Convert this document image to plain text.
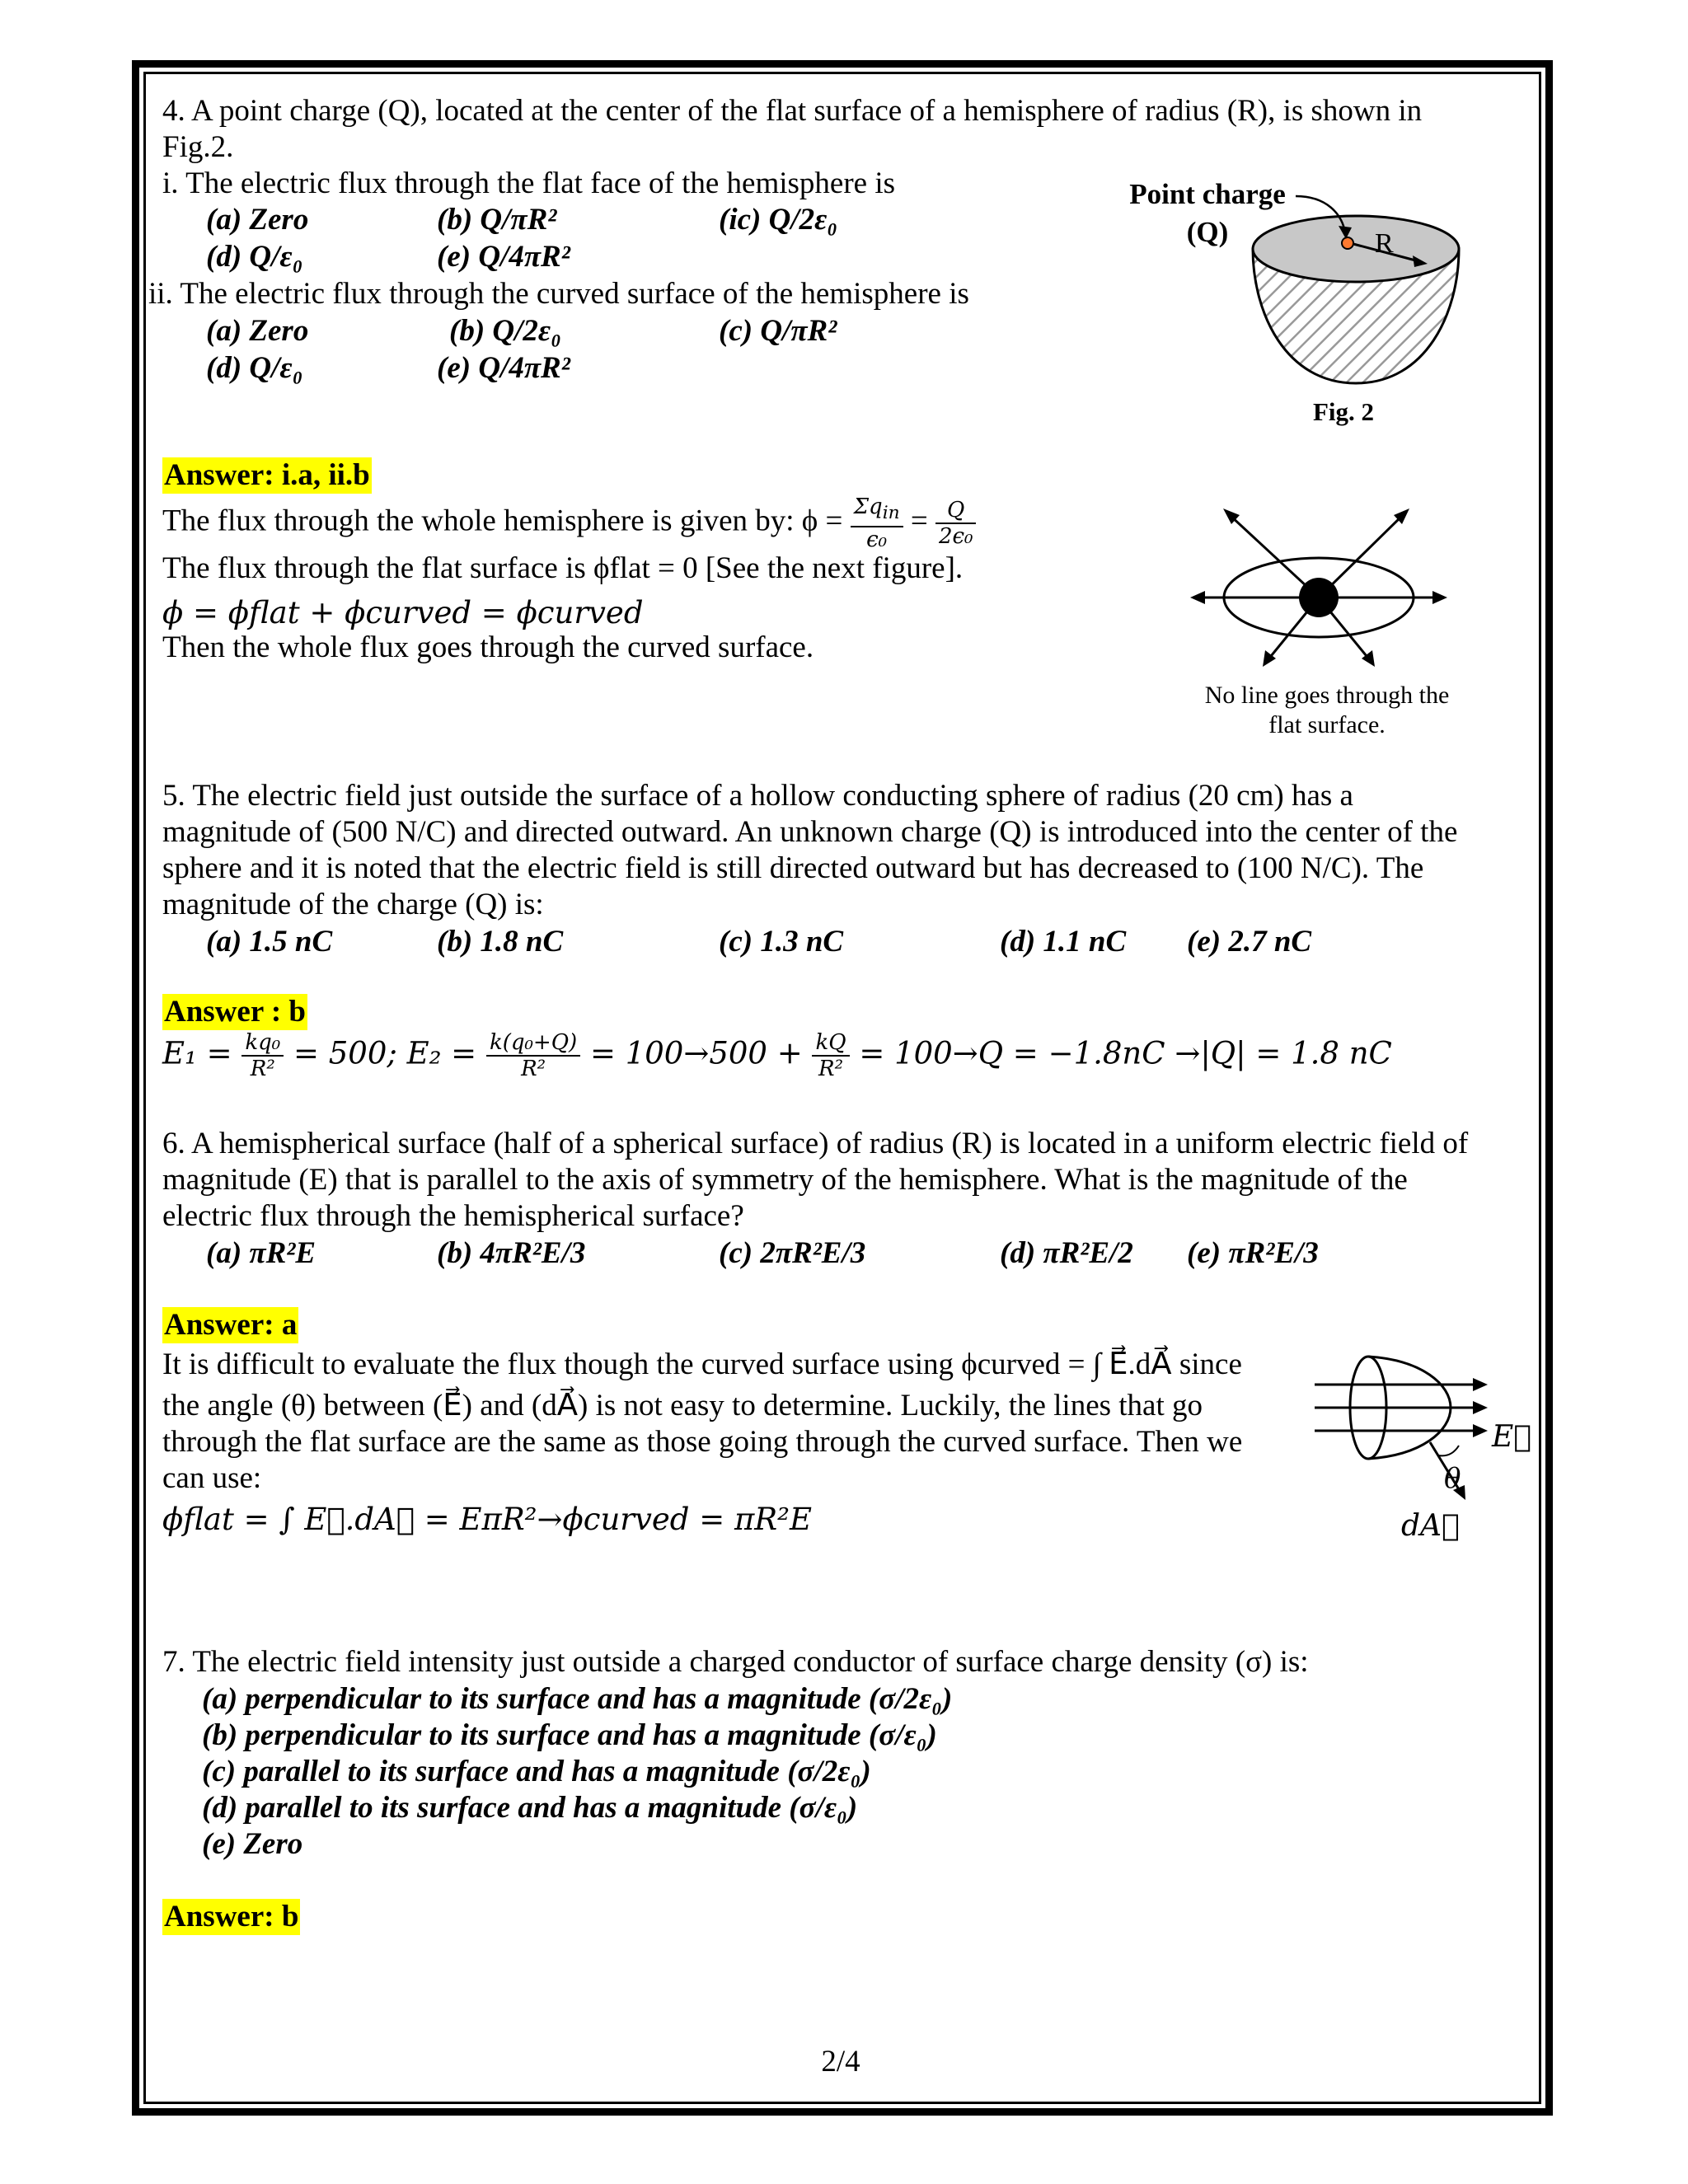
4. A point charge (Q), located at the center of the flat surface of a hemisphere of radius (R), is shown in
Fig.2.
i. The electric flux through the flat face of the hemisphere is
(a) Zero	(b) Q/πR²	(ic) Q/2ε₀
(d) Q/ε₀	(e) Q/4πR²
ii. The electric flux through the curved surface of the hemisphere is
(a) Zero	(b) Q/2ε₀	(c) Q/πR²
(d) Q/ε₀	(e) Q/4πR²
Point charge
(Q)	R
Fig. 2
Answer: i.a, ii.b
The flux through the whole hemisphere is given by: $\phi = \frac{\Sigma q_{in}}{\text{ϵ₀}} = \frac{Q}{\text{2ϵ₀}}$
The flux through the flat surface is ϕflat = 0 [See the next figure].
ϕ = ϕflat + ϕcurved = ϕcurved
Then the whole flux goes through the curved surface.
No line goes through the
flat surface.
5. The electric field just outside the surface of a hollow conducting sphere of radius (20 cm) has a
magnitude of (500 N/C) and directed outward. An unknown charge (Q) is introduced into the center of the
sphere and it is noted that the electric field is still directed outward but has decreased to (100 N/C). The
magnitude of the charge (Q) is:
(a) 1.5 nC	(b) 1.8 nC	(c) 1.3 nC	(d) 1.1 nC (e) 2.7 nC
Answer : b
$E_1 = \frac{\text{kq₀}}{\text{R²}} = 500$; $E_2 = \frac{\text{k(q₀+Q)}}{\text{R²}} = 100\to 500 + \frac{kQ}{\text{R²}} = 100\to Q = -1.8nC \to|Q| = 1.8$ nC
6. A hemispherical surface (half of a spherical surface) of radius (R) is located in a uniform electric field of
magnitude (E) that is parallel to the axis of symmetry of the hemisphere. What is the magnitude of the
electric flux through the hemispherical surface?
(a) πR²E	(b) 4πR²E/3	(c) 2πR²E/3	(d) πR²E/2 (e) πR²E/3
Answer: a
It is difficult to evaluate the flux though the curved surface using ϕcurved = ∫ E⃗.dA⃗ since
the angle (θ) between (E⃗) and (dA⃗) is not easy to determine. Luckily, the lines that go
through the flat surface are the same as those going through the curved surface. Then we
can use:
ϕflat = ∫ E⃗.dA⃗ = EπR²→ϕcurved = πR²E
E⃗
θ
dA⃗
7. The electric field intensity just outside a charged conductor of surface charge density (σ) is:
(a) perpendicular to its surface and has a magnitude (σ/2ε₀)
(b) perpendicular to its surface and has a magnitude (σ/ε₀)
(c) parallel to its surface and has a magnitude (σ/2ε₀)
(d) parallel to its surface and has a magnitude (σ/ε₀)
(e) Zero
Answer: b
2/4
